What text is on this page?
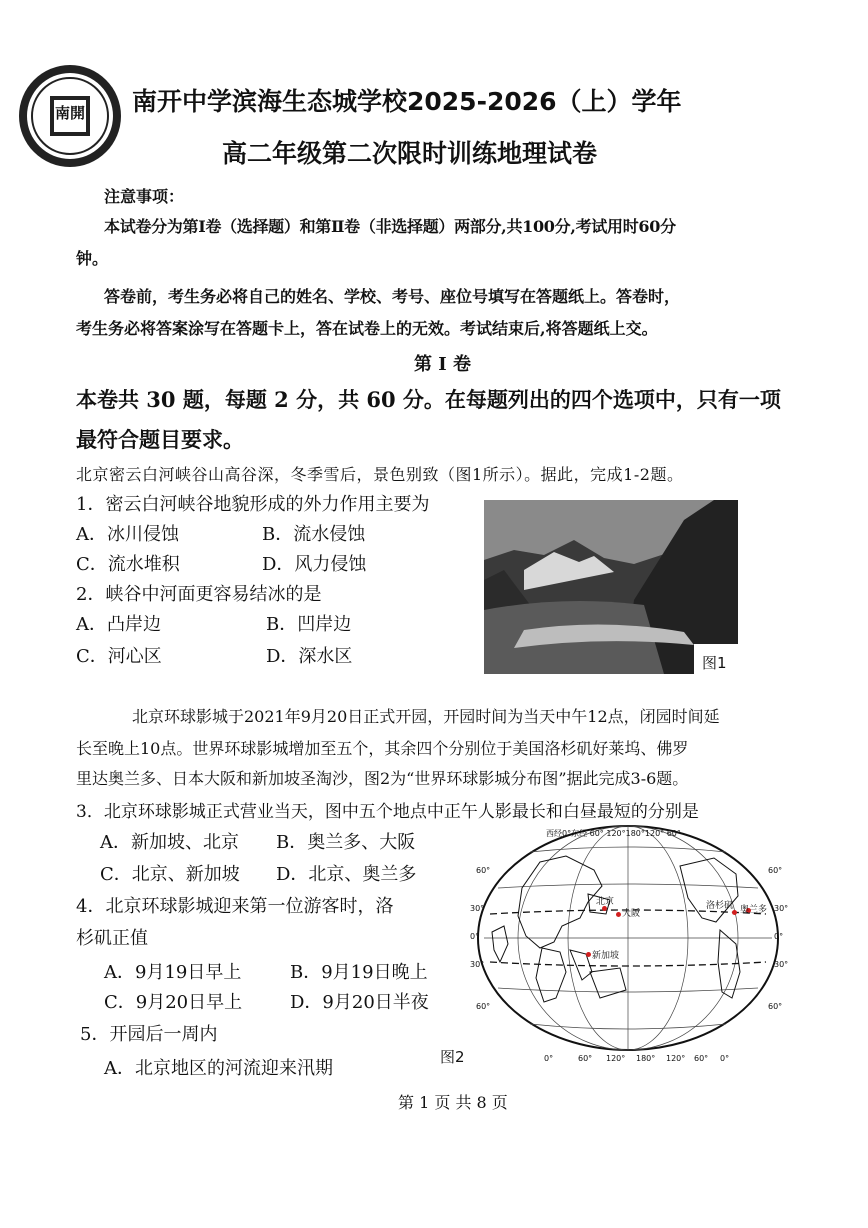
南開
1904
南开中学滨海生态城学校2025-2026（上）学年
高二年级第二次限时训练地理试卷
注意事项：
本试卷分为第Ⅰ卷（选择题）和第Ⅱ卷（非选择题）两部分,共100分,考试用时60分
钟。
答卷前，考生务必将自己的姓名、学校、考号、座位号填写在答题纸上。答卷时，
考生务必将答案涂写在答题卡上，答在试卷上的无效。考试结束后,将答题纸上交。
第 I 卷
本卷共 30 题，每题 2 分，共 60 分。在每题列出的四个选项中，只有一项
最符合题目要求。
北京密云白河峡谷山高谷深，冬季雪后，景色别致（图1所示）。据此，完成1-2题。
1．密云白河峡谷地貌形成的外力作用主要为
A．冰川侵蚀	B．流水侵蚀
C．流水堆积	D．风力侵蚀
2．峡谷中河面更容易结冰的是
A．凸岸边	B．凹岸边
C．河心区	D．深水区	图1
北京环球影城于2021年9月20日正式开园，开园时间为当天中午12点，闭园时间延
长至晚上10点。世界环球影城增加至五个，其余四个分别位于美国洛杉矶好莱坞、佛罗
里达奥兰多、日本大阪和新加坡圣淘沙，图2为“世界环球影城分布图”据此完成3-6题。
3．北京环球影城正式营业当天，图中五个地点中正午人影最长和白昼最短的分别是
A．新加坡、北京 B．奥兰多、大阪
C．北京、新加坡 D．北京、奥兰多
4．北京环球影城迎来第一位游客时，洛
杉矶正值
A．9月19日早上	B．9月19日晚上
C．9月20日早上	D．9月20日半夜
5．开园后一周内
A．北京地区的河流迎来汛期
西经0°东经 60° 120°180°120° 60°
60°
30°
0°
30°
60°
60°
30°
0°
30°
60°
0°	60° 120° 180° 120° 60° 0°
北京
大阪
洛杉矶 奥兰多
新加坡
图2
第 1 页 共 8 页
